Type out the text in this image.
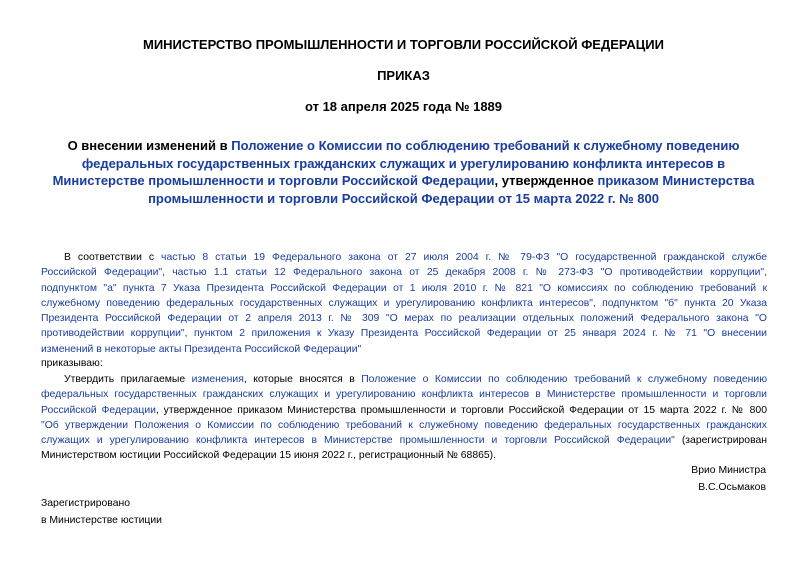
МИНИСТЕРСТВО ПРОМЫШЛЕННОСТИ И ТОРГОВЛИ РОССИЙСКОЙ ФЕДЕРАЦИИ

ПРИКАЗ

от 18 апреля 2025 года № 1889

О внесении изменений в Положение о Комиссии по соблюдению требований к служебному поведению
федеральных государственных гражданских служащих и урегулированию конфликта интересов в
Министерстве промышленности и торговли Российской Федерации, утвержденное приказом Министерства
промышленности и торговли Российской Федерации от 15 марта 2022 г. № 800
В соответствии с частью 8 статьи 19 Федерального закона от 27 июля 2004 г. № 79-ФЗ "О государственной гражданской службе
Российской Федерации", частью 1.1 статьи 12 Федерального закона от 25 декабря 2008 г. № 273-ФЗ "О противодействии коррупции",
подпунктом "а" пункта 7 Указа Президента Российской Федерации от 1 июля 2010 г. № 821 "О комиссиях по соблюдению требований к
служебному поведению федеральных государственных служащих и урегулированию конфликта интересов", подпунктом "б" пункта 20 Указа
Президента Российской Федерации от 2 апреля 2013 г. № 309 "О мерах по реализации отдельных положений Федерального закона "О
противодействии коррупции", пунктом 2 приложения к Указу Президента Российской Федерации от 25 января 2024 г. № 71 "О внесении
изменений в некоторые акты Президента Российской Федерации"

приказываю:

Утвердить прилагаемые изменения, которые вносятся в Положение о Комиссии по соблюдению требований к служебному поведению
федеральных государственных гражданских служащих и урегулированию конфликта интересов в Министерстве промышленности и торговли
Российской Федерации, утвержденное приказом Министерства промышленности и торговли Российской Федерации от 15 марта 2022 г. № 800
"Об утверждении Положения о Комиссии по соблюдению требований к служебному поведению федеральных государственных гражданских
служащих и урегулированию конфликта интересов в Министерстве промышленности и торговли Российской Федерации" (зарегистрирован
Министерством юстиции Российской Федерации 15 июня 2022 г., регистрационный № 68865).

Врио Министра

В.С.Осьмаков

Зарегистрировано

в Министерстве юстиции
